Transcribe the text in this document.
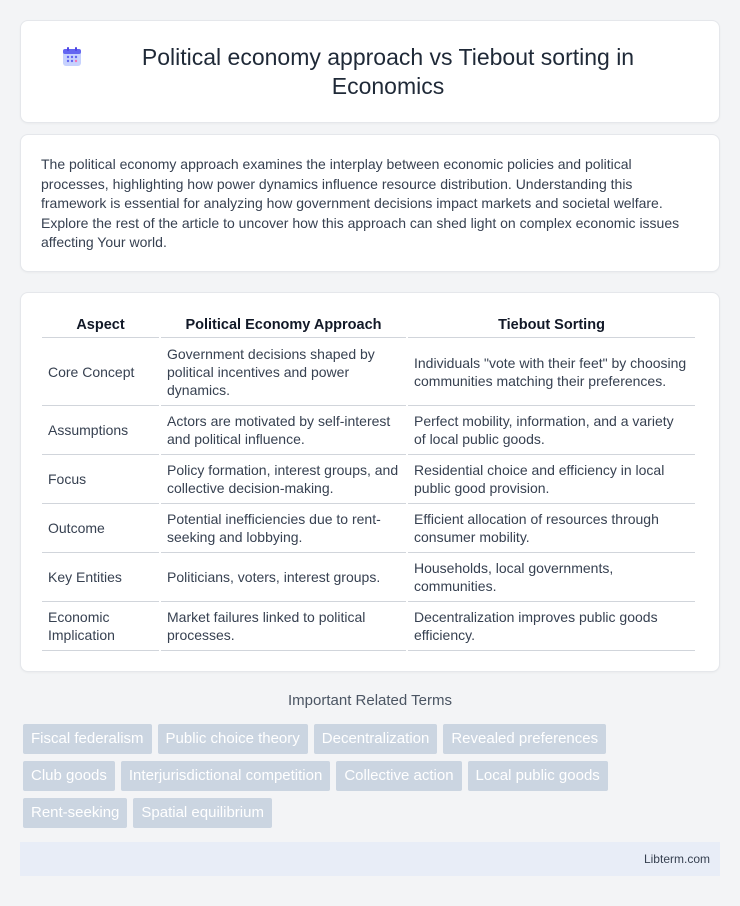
Political economy approach vs Tiebout sorting in Economics

The political economy approach examines the interplay between economic policies and political processes, highlighting how power dynamics influence resource distribution. Understanding this framework is essential for analyzing how government decisions impact markets and societal welfare. Explore the rest of the article to uncover how this approach can shed light on complex economic issues affecting Your world.

Aspect	Political Economy Approach	Tiebout Sorting
Core Concept	Government decisions shaped by political incentives and power dynamics.	Individuals "vote with their feet" by choosing communities matching their preferences.
Assumptions	Actors are motivated by self-interest and political influence.	Perfect mobility, information, and a variety of local public goods.
Focus	Policy formation, interest groups, and collective decision-making.	Residential choice and efficiency in local public good provision.
Outcome	Potential inefficiencies due to rent-seeking and lobbying.	Efficient allocation of resources through consumer mobility.
Key Entities	Politicians, voters, interest groups.	Households, local governments, communities.
Economic Implication	Market failures linked to political processes.	Decentralization improves public goods efficiency.
Important Related Terms
Fiscal federalism	Public choice theory	Decentralization	Revealed preferences
Club goods	Interjurisdictional competition	Collective action	Local public goods
Rent-seeking	Spatial equilibrium
Libterm.com
